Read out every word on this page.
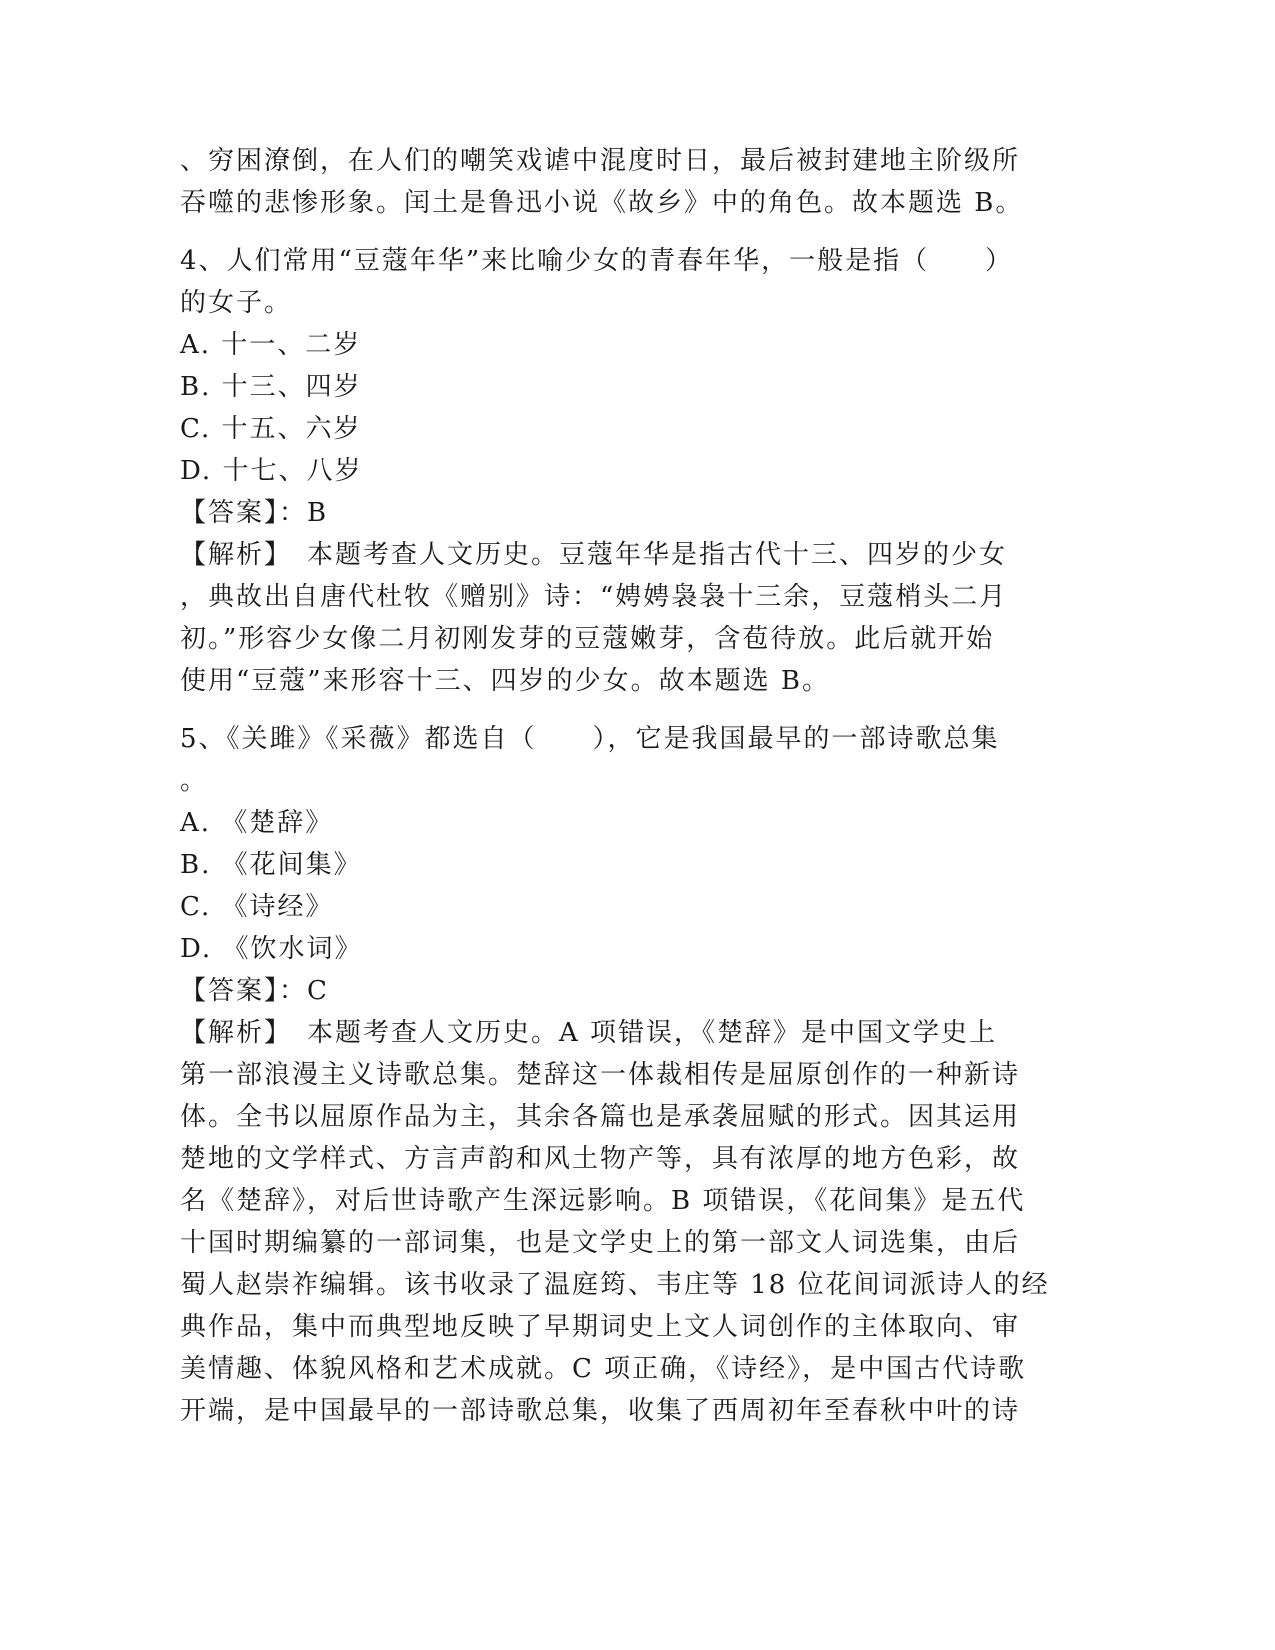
、穷困潦倒，在人们的嘲笑戏谑中混度时日，最后被封建地主阶级所
吞噬的悲惨形象。闰土是鲁迅小说《故乡》中的角色。故本题选 B。
4、人们常用“豆蔻年华”来比喻少女的青春年华，一般是指（　　）
的女子。
A. 十一、二岁
B. 十三、四岁
C. 十五、六岁
D. 十七、八岁
【答案】：B
【解析】　本题考查人文历史。豆蔻年华是指古代十三、四岁的少女
，典故出自唐代杜牧《赠别》诗：“娉娉袅袅十三余，豆蔻梢头二月
初。”形容少女像二月初刚发芽的豆蔻嫩芽，含苞待放。此后就开始
使用“豆蔻”来形容十三、四岁的少女。故本题选 B。
5、《关雎》《采薇》都选自（　　），它是我国最早的一部诗歌总集
。
A. 《楚辞》
B. 《花间集》
C. 《诗经》
D. 《饮水词》
【答案】：C
【解析】　本题考查人文历史。A 项错误，《楚辞》是中国文学史上
第一部浪漫主义诗歌总集。楚辞这一体裁相传是屈原创作的一种新诗
体。全书以屈原作品为主，其余各篇也是承袭屈赋的形式。因其运用
楚地的文学样式、方言声韵和风土物产等，具有浓厚的地方色彩，故
名《楚辞》，对后世诗歌产生深远影响。B 项错误，《花间集》是五代
十国时期编纂的一部词集，也是文学史上的第一部文人词选集，由后
蜀人赵崇祚编辑。该书收录了温庭筠、韦庄等 18 位花间词派诗人的经
典作品，集中而典型地反映了早期词史上文人词创作的主体取向、审
美情趣、体貌风格和艺术成就。C 项正确，《诗经》，是中国古代诗歌
开端，是中国最早的一部诗歌总集，收集了西周初年至春秋中叶的诗
